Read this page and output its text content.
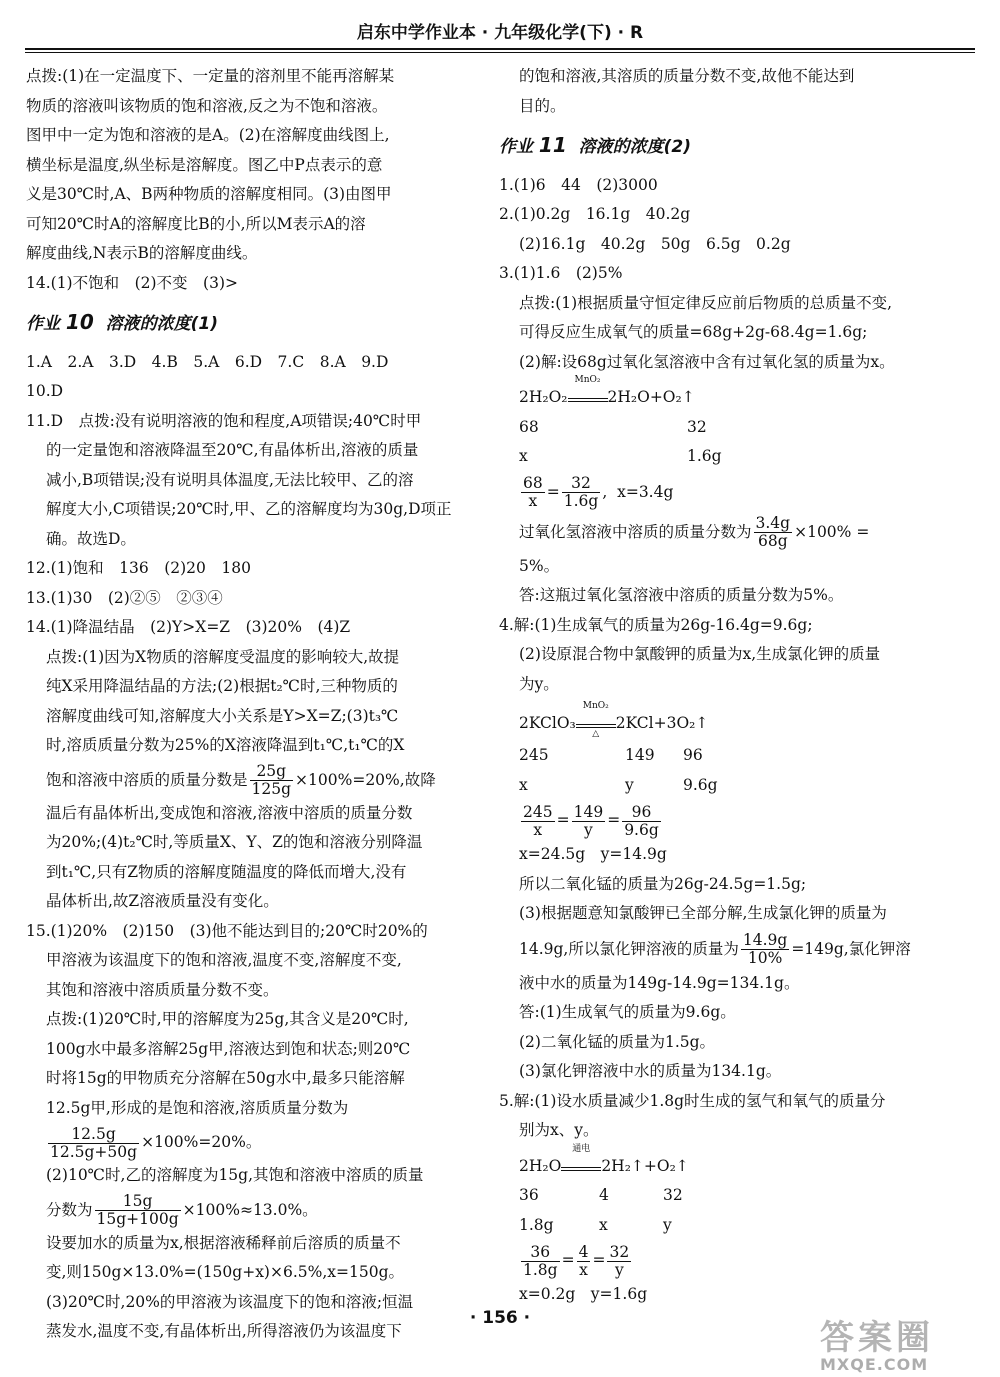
启东中学作业本 · 九年级化学(下) · R

点拨:(1)在一定温度下、一定量的溶剂里不能再溶解某

物质的溶液叫该物质的饱和溶液,反之为不饱和溶液。

图甲中一定为饱和溶液的是A。(2)在溶解度曲线图上,

横坐标是温度,纵坐标是溶解度。图乙中P点表示的意

义是30℃时,A、B两种物质的溶解度相同。(3)由图甲

可知20℃时A的溶解度比B的小,所以M表示A的溶

解度曲线,N表示B的溶解度曲线。

14.(1)不饱和　(2)不变　(3)>

作业 10 溶液的浓度(1)

1.A　2.A　3.D　4.B　5.A　6.D　7.C　8.A　9.D

10.D

11.D　点拨:没有说明溶液的饱和程度,A项错误;40℃时甲

的一定量饱和溶液降温至20℃,有晶体析出,溶液的质量

减小,B项错误;没有说明具体温度,无法比较甲、乙的溶

解度大小,C项错误;20℃时,甲、乙的溶解度均为30g,D项正

确。故选D。

12.(1)饱和　136　(2)20　180

13.(1)30　(2)②⑤　②③④

14.(1)降温结晶　(2)Y>X=Z　(3)20%　(4)Z

点拨:(1)因为X物质的溶解度受温度的影响较大,故提

纯X采用降温结晶的方法;(2)根据t₂℃时,三种物质的

溶解度曲线可知,溶解度大小关系是Y>X=Z;(3)t₃℃

时,溶质质量分数为25%的X溶液降温到t₁℃,t₁℃的X

饱和溶液中溶质的质量分数是 $\frac{25g}{125g} \times 100\%=20\%$,故降

温后有晶体析出,变成饱和溶液,溶液中溶质的质量分数

为20%;(4)t₂℃时,等质量X、Y、Z的饱和溶液分别降温

到t₁℃,只有Z物质的溶解度随温度的降低而增大,没有

晶体析出,故Z溶液质量没有变化。

15.(1)20%　(2)150　(3)他不能达到目的;20℃时20%的

甲溶液为该温度下的饱和溶液,温度不变,溶解度不变,

其饱和溶液中溶质质量分数不变。

点拨:(1)20℃时,甲的溶解度为25g,其含义是20℃时,

100g水中最多溶解25g甲,溶液达到饱和状态;则20℃

时将15g的甲物质充分溶解在50g水中,最多只能溶解

12.5g甲,形成的是饱和溶液,溶质质量分数为

$\frac{12.5g}{12.5g+50g} \times 100\%=20\%$。

(2)10℃时,乙的溶解度为15g,其饱和溶液中溶质的质量

分数为 $\frac{15g}{15g+100g} \times 100\%\approx 13.0\%$。

设要加水的质量为x,根据溶液稀释前后溶质的质量不

变,则150g×13.0%=(150g+x)×6.5%,x=150g。

(3)20℃时,20%的甲溶液为该温度下的饱和溶液;恒温

蒸发水,温度不变,有晶体析出,所得溶液仍为该温度下

的饱和溶液,其溶质的质量分数不变,故他不能达到

目的。

作业 11 溶液的浓度(2)

1.(1)6　44　(2)3000

2.(1)0.2g　16.1g　40.2g

(2)16.1g　40.2g　50g　6.5g　0.2g

3.(1)1.6　(2)5%

点拨:(1)根据质量守恒定律反应前后物质的总质量不变,

可得反应生成氧气的质量=68g+2g-68.4g=1.6g;

(2)解:设68g过氧化氢溶液中含有过氧化氢的质量为x。

2H₂O₂
MnO₂
2H₂O+O₂↑

68	32

x	1.6g

$\frac{68}{x} = \frac{32}{1.6g}$ ,  x=3.4g

过氧化氢溶液中溶质的质量分数为 $\frac{3.4g}{68g} \times 100\%$ =

5%。

答:这瓶过氧化氢溶液中溶质的质量分数为5%。

4.解:(1)生成氧气的质量为26g-16.4g=9.6g;

(2)设原混合物中氯酸钾的质量为x,生成氯化钾的质量

为y。

2KClO₃
MnO₂
△
2KCl+3O₂↑

245	149 96

x	y	9.6g

$\frac{245}{x} = \frac{149}{y} = \frac{96}{9.6g}$

x=24.5g　y=14.9g

所以二氧化锰的质量为26g-24.5g=1.5g;

(3)根据题意知氯酸钾已全部分解,生成氯化钾的质量为

14.9g,所以氯化钾溶液的质量为 $\frac{14.9g}{10\%} =149g$,氯化钾溶

液中水的质量为149g-14.9g=134.1g。

答:(1)生成氧气的质量为9.6g。

(2)二氧化锰的质量为1.5g。

(3)氯化钾溶液中水的质量为134.1g。

5.解:(1)设水质量减少1.8g时生成的氢气和氧气的质量分

别为x、y。

2H₂O
通电
2H₂↑+O₂↑

36	4	32

1.8g	x	y

$\frac{36}{1.8g} = \frac{4}{x} = \frac{32}{y}$

x=0.2g　y=1.6g

· 156 ·	答案圈
MXQE.COM
